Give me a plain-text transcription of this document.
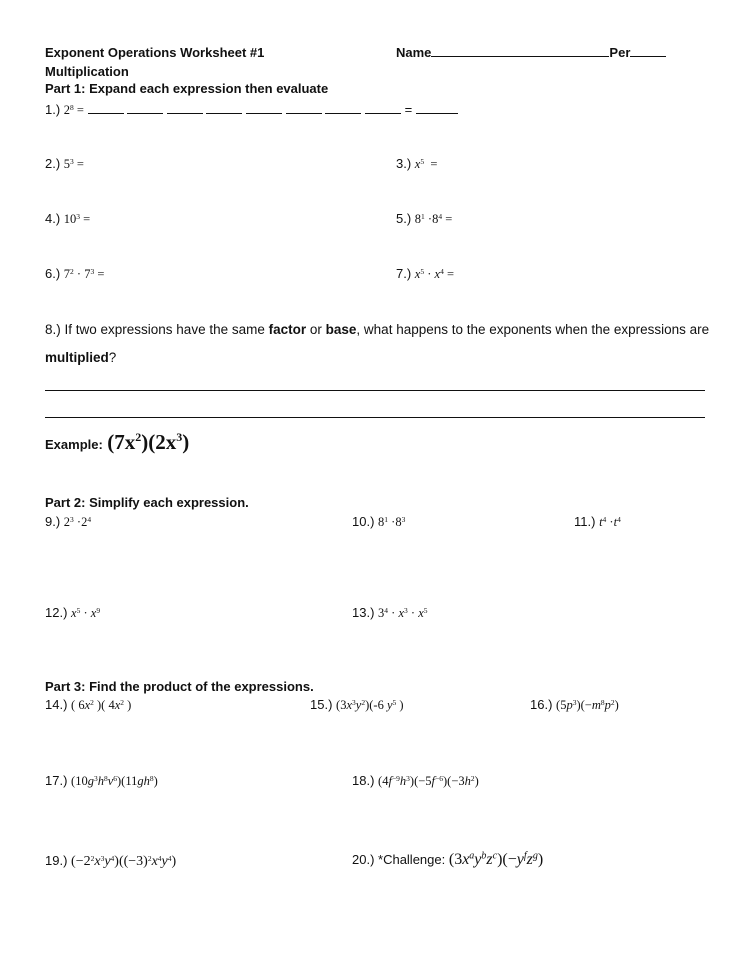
Exponent Operations Worksheet #1
Multiplication
Name	Per
Part 1: Expand each expression then evaluate
1.) $2^8$ =	=
2.) $5^3$ =	3.) $x^5$  =
4.) $10^3$ =	5.) $8^1 \cdot 8^4$ =
6.) $7^2 \cdot 7^3$ =	7.) $x^5 \cdot x^4$ =
8.) If two expressions have the same factor or base, what happens to the exponents when the expressions are multiplied?
Example: $(7x^2)(2x^3)$
Part 2: Simplify each expression.
9.) $2^3 \cdot 2^4$	10.) $8^1 \cdot 8^3$	11.) $t^4 \cdot t^4$
12.) $x^5 \cdot x^9$	13.) $3^4 \cdot x^3 \cdot x^5$
Part 3: Find the product of the expressions.
14.) ( $6x^2$ )( $4x^2$ )	15.) $(3x^3y^2)(-6$ $y^5$ )	16.) $(5p^3)(-m^8p^2)$
17.) $(10g^3h^8v^6)(11gh^8)$	18.) $(4f^{-9}h^3)(-5f^{-6})(-3h^2)$
19.) $(-2^2x^3y^4)((-3)^2x^4y^4)$	20.) *Challenge: $(3x^ay^bz^c)(-y^fz^g)$
